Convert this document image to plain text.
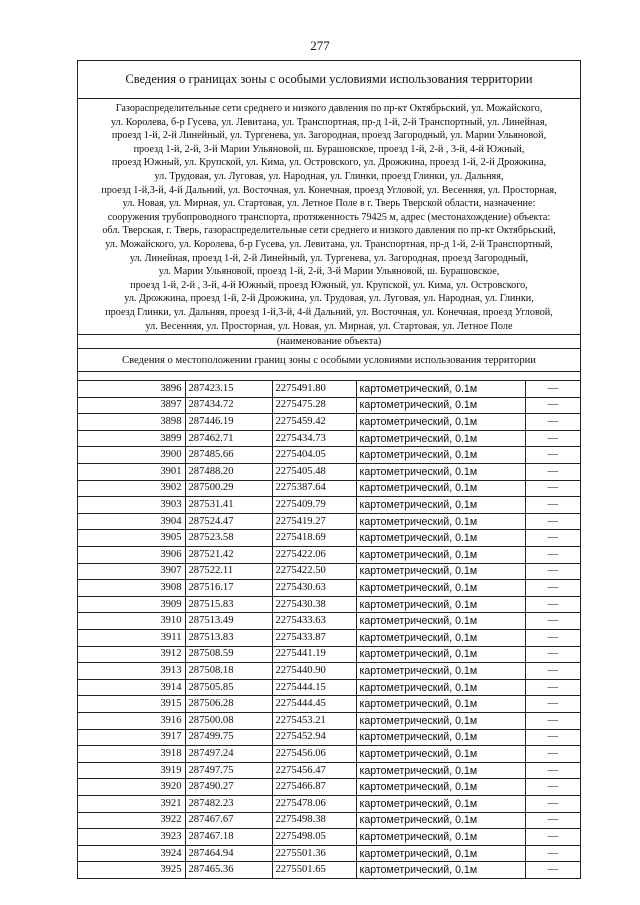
277
Сведения о границах зоны с особыми условиями использования территории
Газораспределительные сети среднего и низкого давления по пр-кт Октябрьский, ул. Можайского,
ул. Королева, б-р Гусева, ул. Левитана, ул. Транспортная, пр-д 1-й, 2-й Транспортный, ул. Линейная,
проезд 1-й, 2-й Линейный, ул. Тургенева, ул. Загородная, проезд Загородный, ул. Марии Ульяновой,
проезд 1-й, 2-й, 3-й Марии Ульяновой, ш. Бурашовское, проезд 1-й, 2-й , 3-й, 4-й Южный,
проезд Южный, ул. Крупской, ул. Кима, ул. Островского, ул. Дрожжина, проезд 1-й, 2-й Дрожжина,
ул. Трудовая, ул. Луговая, ул. Народная, ул. Глинки, проезд Глинки, ул. Дальняя,
проезд 1-й,3-й, 4-й Дальний, ул. Восточная, ул. Конечная, проезд Угловой, ул. Весенняя, ул. Просторная,
ул. Новая, ул. Мирная, ул. Стартовая, ул. Летное Поле в г. Тверь Тверской области, назначение:
сооружения трубопроводного транспорта, протяженность 79425 м, адрес (местонахождение) объекта:
обл. Тверская, г. Тверь, газораспределительные сети среднего и низкого давления по пр-кт Октябрьский,
ул. Можайского, ул. Королева, б-р Гусева, ул. Левитана, ул. Транспортная, пр-д 1-й, 2-й Транспортный,
ул. Линейная, проезд 1-й, 2-й Линейный, ул. Тургенева, ул. Загородная, проезд Загородный,
ул. Марии Ульяновой, проезд 1-й, 2-й, 3-й Марии Ульяновой, ш. Бурашовское,
проезд 1-й, 2-й , 3-й, 4-й Южный, проезд Южный, ул. Крупской, ул. Кима, ул. Островского,
ул. Дрожжина, проезд 1-й, 2-й Дрожжина, ул. Трудовая, ул. Луговая, ул. Народная, ул. Глинки,
проезд Глинки, ул. Дальняя, проезд 1-й,3-й, 4-й Дальний, ул. Восточная, ул. Конечная, проезд Угловой,
ул. Весенняя, ул. Просторная, ул. Новая, ул. Мирная, ул. Стартовая, ул. Летное Поле
(наименование объекта)
Сведения о местоположении границ зоны с особыми условиями использования территории
3896	287423.15	2275491.80	картометрический, 0.1м	—
3897	287434.72	2275475.28	картометрический, 0.1м	—
3898	287446.19	2275459.42	картометрический, 0.1м	—
3899	287462.71	2275434.73	картометрический, 0.1м	—
3900	287485.66	2275404.05	картометрический, 0.1м	—
3901	287488.20	2275405.48	картометрический, 0.1м	—
3902	287500.29	2275387.64	картометрический, 0.1м	—
3903	287531.41	2275409.79	картометрический, 0.1м	—
3904	287524.47	2275419.27	картометрический, 0.1м	—
3905	287523.58	2275418.69	картометрический, 0.1м	—
3906	287521.42	2275422.06	картометрический, 0.1м	—
3907	287522.11	2275422.50	картометрический, 0.1м	—
3908	287516.17	2275430.63	картометрический, 0.1м	—
3909	287515.83	2275430.38	картометрический, 0.1м	—
3910	287513.49	2275433.63	картометрический, 0.1м	—
3911	287513.83	2275433.87	картометрический, 0.1м	—
3912	287508.59	2275441.19	картометрический, 0.1м	—
3913	287508.18	2275440.90	картометрический, 0.1м	—
3914	287505.85	2275444.15	картометрический, 0.1м	—
3915	287506.28	2275444.45	картометрический, 0.1м	—
3916	287500.08	2275453.21	картометрический, 0.1м	—
3917	287499.75	2275452.94	картометрический, 0.1м	—
3918	287497.24	2275456.06	картометрический, 0.1м	—
3919	287497.75	2275456.47	картометрический, 0.1м	—
3920	287490.27	2275466.87	картометрический, 0.1м	—
3921	287482.23	2275478.06	картометрический, 0.1м	—
3922	287467.67	2275498.38	картометрический, 0.1м	—
3923	287467.18	2275498.05	картометрический, 0.1м	—
3924	287464.94	2275501.36	картометрический, 0.1м	—
3925	287465.36	2275501.65	картометрический, 0.1м	—
